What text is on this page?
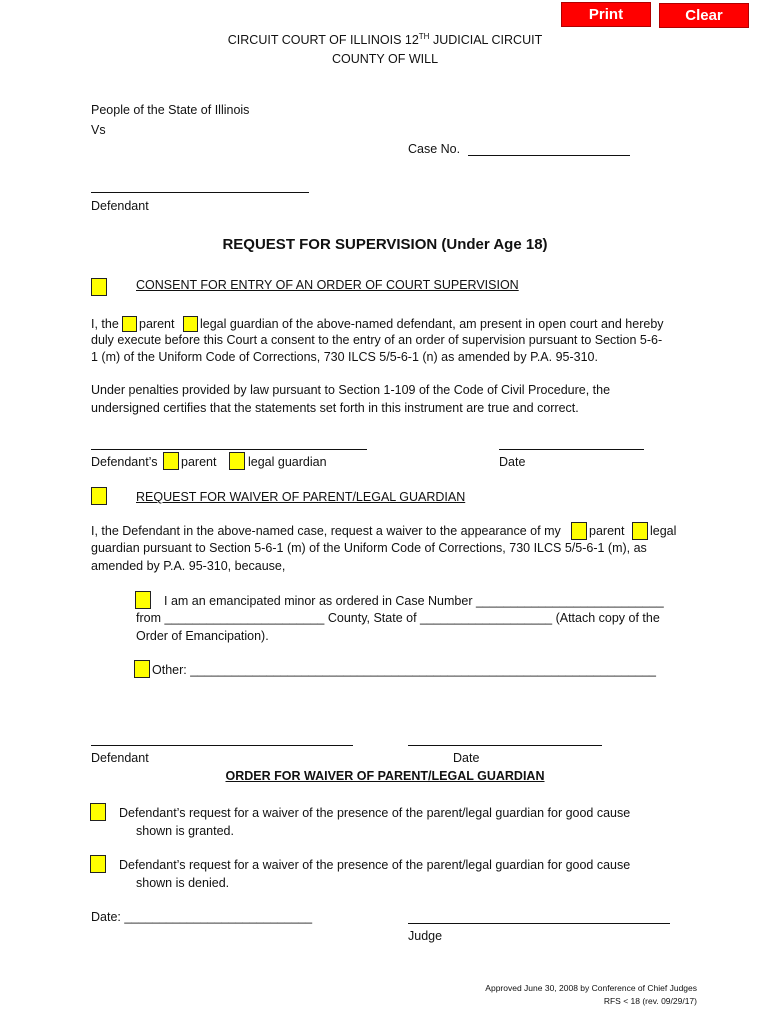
Print	Clear
CIRCUIT COURT OF ILLINOIS 12TH JUDICIAL CIRCUIT
COUNTY OF WILL
People of the State of Illinois
Vs
Case No.
Defendant
REQUEST FOR SUPERVISION (Under Age 18)
CONSENT FOR ENTRY OF AN ORDER OF COURT SUPERVISION
I, the parent legal guardian of the above-named defendant, am present in open court and hereby
duly execute before this Court a consent to the entry of an order of supervision pursuant to Section 5-6-
1 (m) of the Uniform Code of Corrections, 730 ILCS 5/5-6-1 (n) as amended by P.A. 95-310.
Under penalties provided by law pursuant to Section 1-109 of the Code of Civil Procedure, the
undersigned certifies that the statements set forth in this instrument are true and correct.
Defendant’s parent	legal guardian	Date
REQUEST FOR WAIVER OF PARENT/LEGAL GUARDIAN
I, the Defendant in the above-named case, request a waiver to the appearance of my parent legal
guardian pursuant to Section 5-6-1 (m) of the Uniform Code of Corrections, 730 ILCS 5/5-6-1 (m), as
amended by P.A. 95-310, because,
I am an emancipated minor as ordered in Case Number ___________________________
from _______________________ County, State of ___________________ (Attach copy of the
Order of Emancipation).
Other: ___________________________________________________________________
Defendant	Date
ORDER FOR WAIVER OF PARENT/LEGAL GUARDIAN
Defendant’s request for a waiver of the presence of the parent/legal guardian for good cause
shown is granted.
Defendant’s request for a waiver of the presence of the parent/legal guardian for good cause
shown is denied.
Date: ___________________________
Judge
Approved June 30, 2008 by Conference of Chief Judges
RFS < 18 (rev. 09/29/17)
